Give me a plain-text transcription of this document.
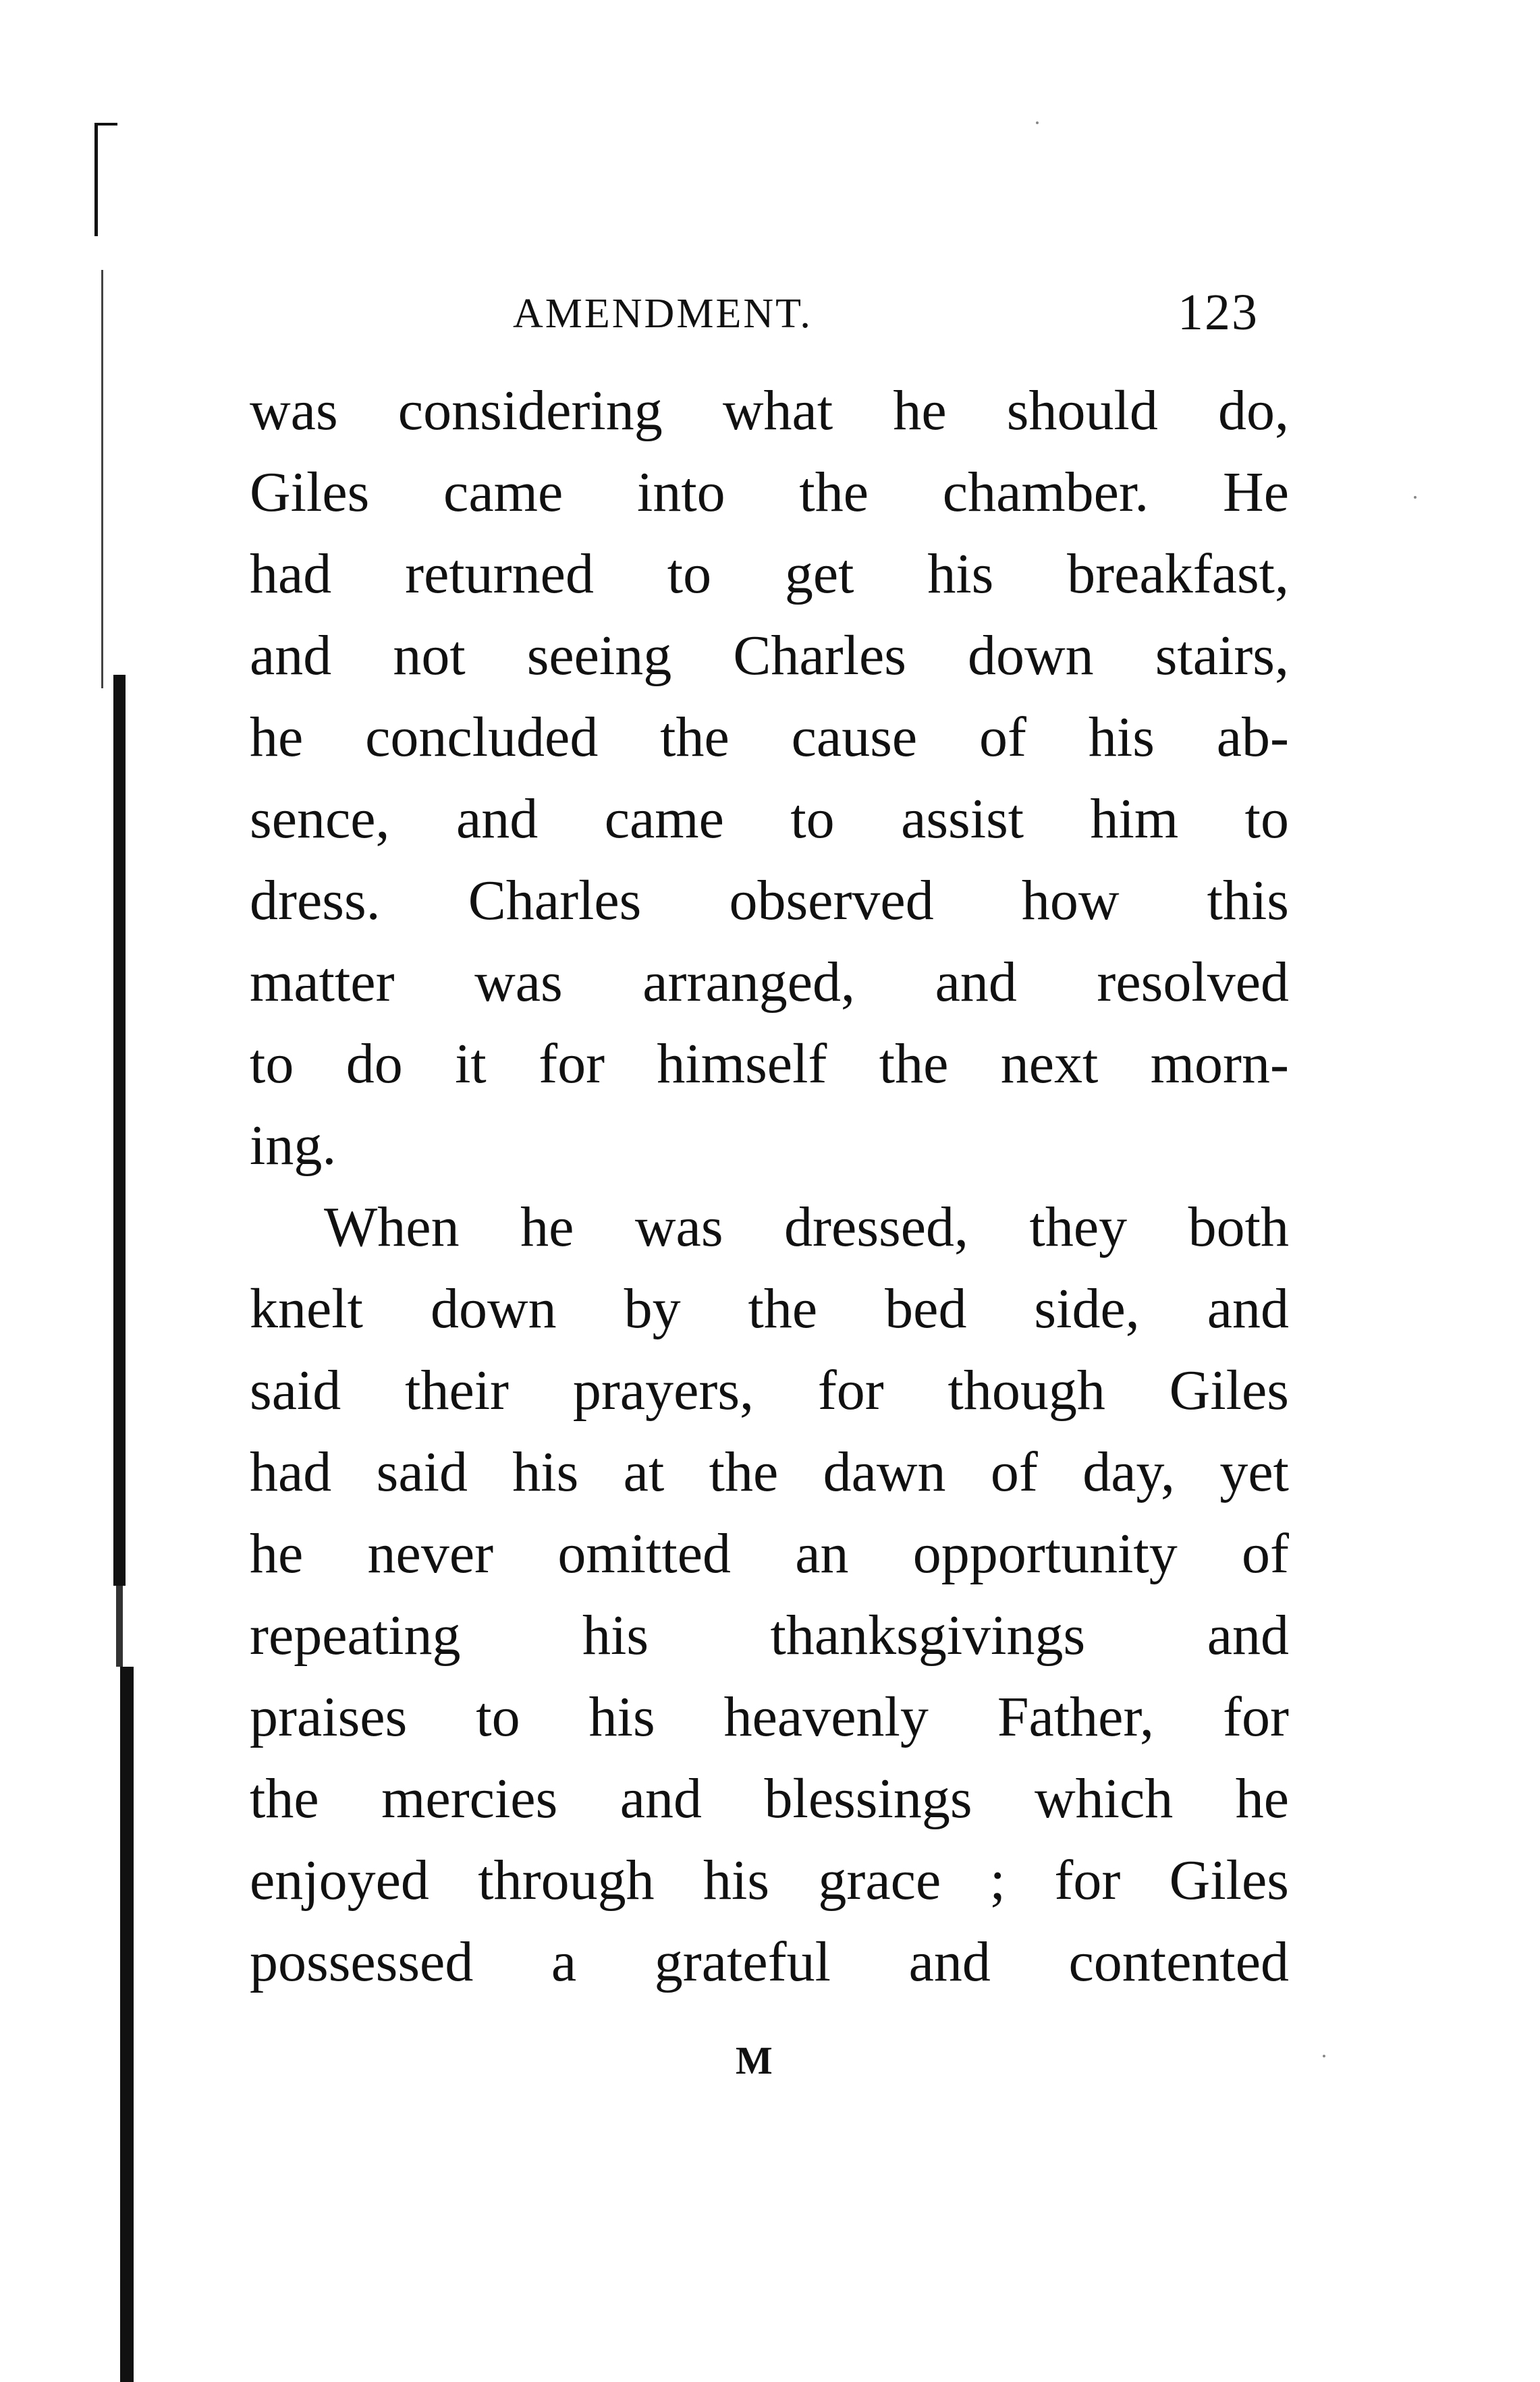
AMENDMENT.	123
was considering what he should do,
Giles came into the chamber. He
had returned to get his breakfast,
and not seeing Charles down stairs,
he concluded the cause of his ab-
sence, and came to assist him to
dress. Charles observed how this
matter was arranged, and resolved
to do it for himself the next morn-
ing.
When he was dressed, they both
knelt down by the bed side, and
said their prayers, for though Giles
had said his at the dawn of day, yet
he never omitted an opportunity of
repeating his thanksgivings and
praises to his heavenly Father, for
the mercies and blessings which he
enjoyed through his grace ; for Giles
possessed a grateful and contented
M
